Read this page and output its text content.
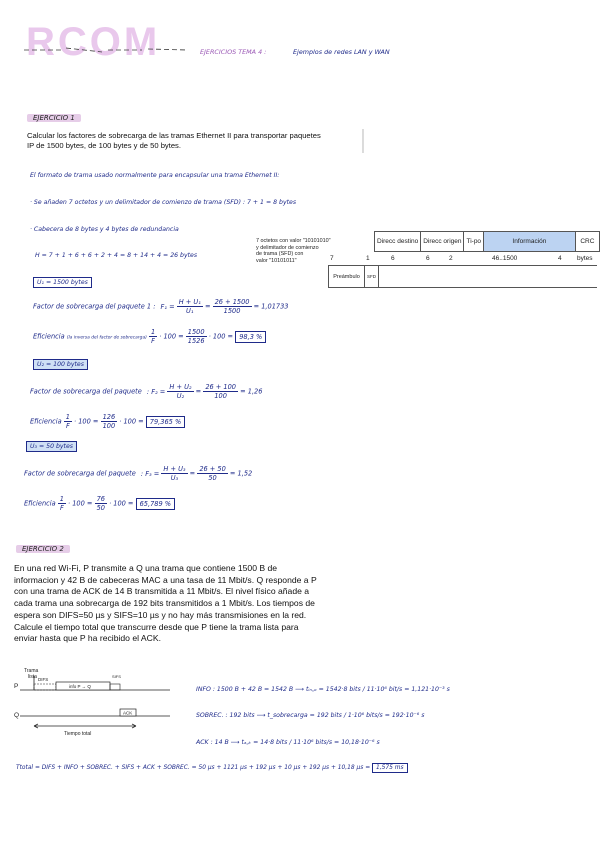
RCOM	EJERCICIOS TEMA 4 :	Ejemplos de redes LAN y WAN
EJERCICIO 1
Calcular los factores de sobrecarga de las tramas Ethernet II para transportar paquetes
IP de 1500 bytes, de 100 bytes y de 50 bytes.
El formato de trama usado normalmente para encapsular una trama Ethernet II:
· Se añaden 7 octetos y un delimitador de comienzo de trama (SFD) : 7 + 1 = 8 bytes
· Cabecera de 8 bytes y 4 bytes de redundancia
H = 7 + 1 + 6 + 6 + 2 + 4 = 8 + 14 + 4 = 26 bytes
7 octetos con valor "10101010"
y delimitador de comienzo
de trama (SFD) con
valor "10101011"
Direcc destino	Direcc origen	Ti-po	Información	CRC
7	1	6	6	2	46..1500	4 bytes
Preámbulo	SFD	
U₁ = 1500 bytes
Factor de sobrecarga del paquete 1 : $F_1 = \frac{\text{H + U₁}}{\text{U₁}} = \frac{26 + 1500}{1500} = 1,01733$
Eficiencia (la inversa del factor de sobrecarga) $\frac{1}{F} \cdot 100 = \frac{1500}{1526} \cdot 100 = 98,3$ %
U₂ = 100 bytes
Factor de sobrecarga del paquete : $F_2 = \frac{\text{H + U₂}}{\text{U₂}} = \frac{26 + 100}{100} = 1,26$
Eficiencia $\frac{1}{F} \cdot 100 = \frac{126}{100} \cdot 100 = 79,365$ %
U₃ = 50 bytes
Factor de sobrecarga del paquete : $F_3 = \frac{\text{H + U₃}}{\text{U₃}} = \frac{26 + 50}{50} = 1,52$
Eficiencia $\frac{1}{F} \cdot 100 = \frac{76}{50} \cdot 100 = 65,789$ %
EJERCICIO 2
En una red Wi-Fi, P transmite a Q una trama que contiene 1500 B de
informacion y 42 B de cabeceras MAC a una tasa de 11 Mbit/s. Q responde a P
con una trama de ACK de 14 B transmitida a 11 Mbit/s. El nivel físico añade a
cada trama una sobrecarga de 192 bits transmitidos a 1 Mbit/s. Los tiempos de
espera son DIFS=50 µs y SIFS=10 µs y no hay más transmisiones en la red.
Calcule el tiempo total que transcurre desde que P tiene la trama lista para
enviar hasta que P ha recibido el ACK.
Trama
lista
P
Q
DIFS
info P → Q
SIFS
ACK
Tiempo total
INFO : 1500 B + 42 B = 1542 B ⟶ tᵢₙ꜀ₒ = 1542·8 bits / 11·10⁶ bit/s = 1,121·10⁻³ s
SOBREC. : 192 bits ⟶ t_sobrecarga = 192 bits / 1·10⁶ bits/s = 192·10⁻⁶ s
ACK : 14 B ⟶ tₐ꜀ₖ = 14·8 bits / 11·10⁶ bits/s = 10,18·10⁻⁶ s
Ttotal = DIFS + INFO + SOBREC. + SIFS + ACK + SOBREC. = 50 µs + 1121 µs + 192 µs + 10 µs + 192 µs + 10,18 µs = 1,575 ms
